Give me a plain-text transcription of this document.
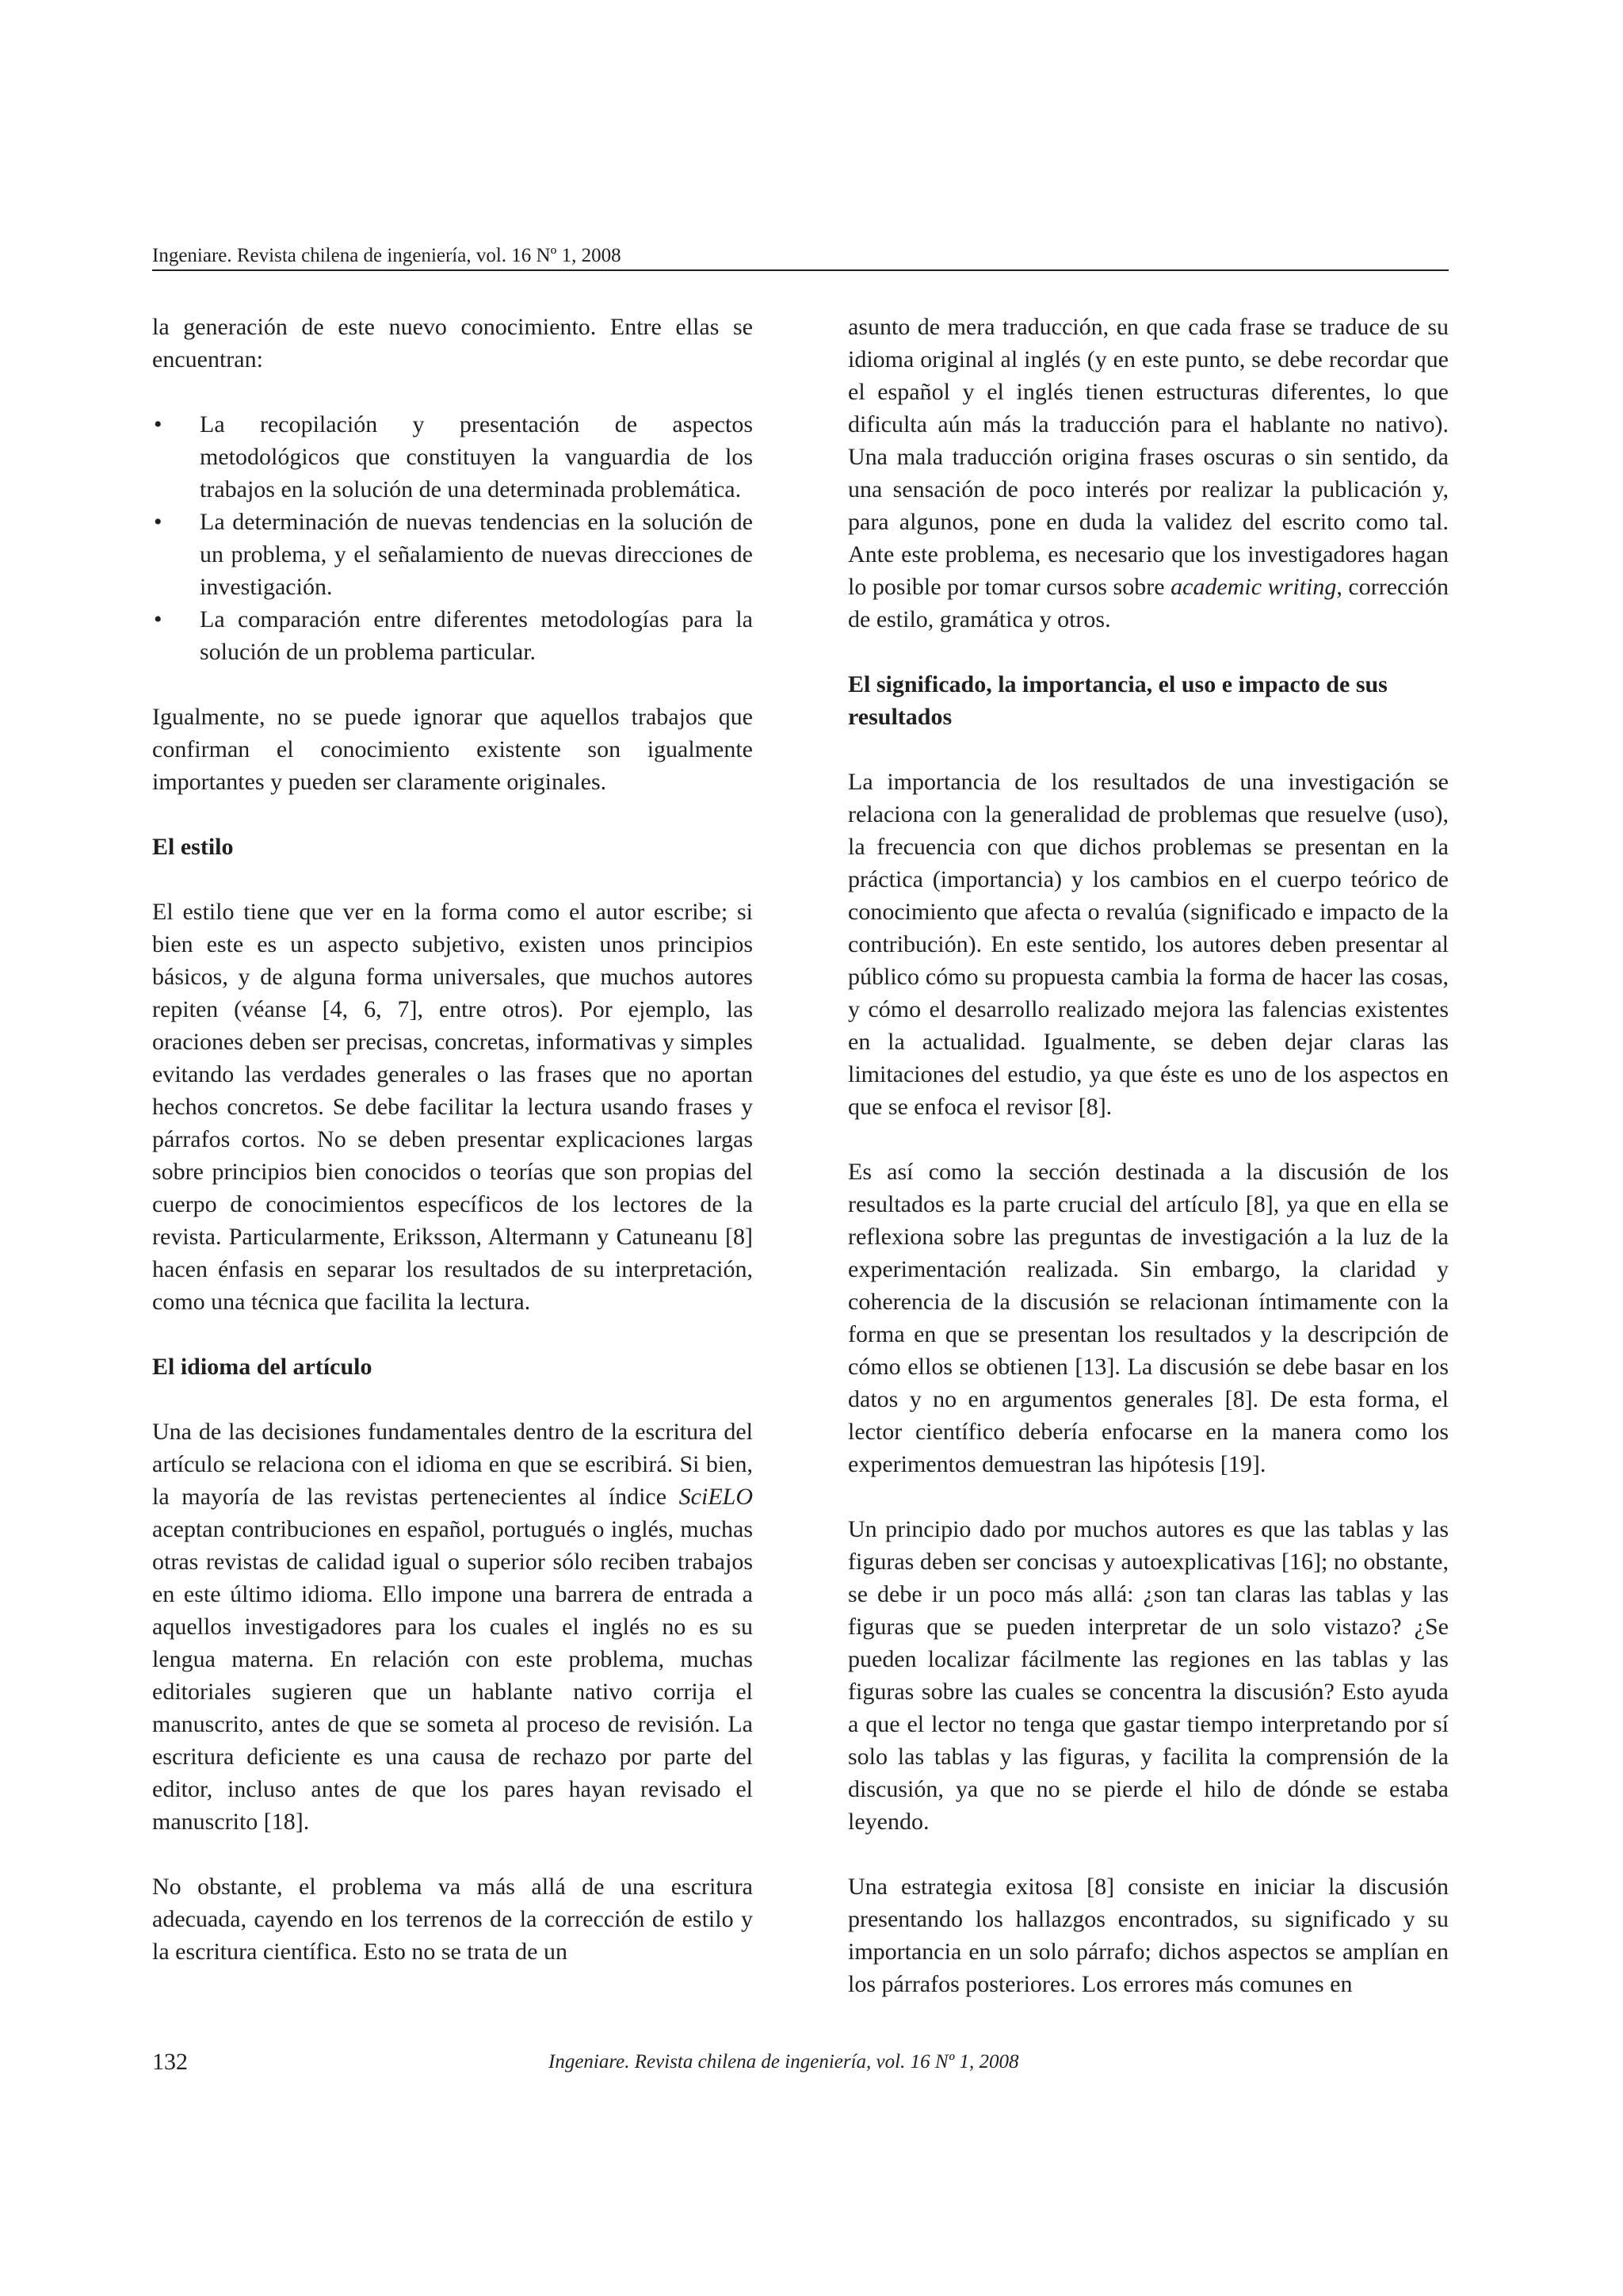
Ingeniare. Revista chilena de ingeniería, vol. 16 Nº 1, 2008

la generación de este nuevo conocimiento. Entre ellas se encuentran:

• La recopilación y presentación de aspectos metodológicos que constituyen la vanguardia de los trabajos en la solución de una determinada problemática.
• La determinación de nuevas tendencias en la solución de un problema, y el señalamiento de nuevas direcciones de investigación.
• La comparación entre diferentes metodologías para la solución de un problema particular.

Igualmente, no se puede ignorar que aquellos trabajos que confirman el conocimiento existente son igualmente importantes y pueden ser claramente originales.

El estilo

El estilo tiene que ver en la forma como el autor escribe; si bien este es un aspecto subjetivo, existen unos principios básicos, y de alguna forma universales, que muchos autores repiten (véanse [4, 6, 7], entre otros). Por ejemplo, las oraciones deben ser precisas, concretas, informativas y simples evitando las verdades generales o las frases que no aportan hechos concretos. Se debe facilitar la lectura usando frases y párrafos cortos. No se deben presentar explicaciones largas sobre principios bien conocidos o teorías que son propias del cuerpo de conocimientos específicos de los lectores de la revista. Particularmente, Eriksson, Altermann y Catuneanu [8] hacen énfasis en separar los resultados de su interpretación, como una técnica que facilita la lectura.

El idioma del artículo

Una de las decisiones fundamentales dentro de la escritura del artículo se relaciona con el idioma en que se escribirá. Si bien, la mayoría de las revistas pertenecientes al índice SciELO aceptan contribuciones en español, portugués o inglés, muchas otras revistas de calidad igual o superior sólo reciben trabajos en este último idioma. Ello impone una barrera de entrada a aquellos investigadores para los cuales el inglés no es su lengua materna. En relación con este problema, muchas editoriales sugieren que un hablante nativo corrija el manuscrito, antes de que se someta al proceso de revisión. La escritura deficiente es una causa de rechazo por parte del editor, incluso antes de que los pares hayan revisado el manuscrito [18].

No obstante, el problema va más allá de una escritura adecuada, cayendo en los terrenos de la corrección de estilo y la escritura científica. Esto no se trata de un

asunto de mera traducción, en que cada frase se traduce de su idioma original al inglés (y en este punto, se debe recordar que el español y el inglés tienen estructuras diferentes, lo que dificulta aún más la traducción para el hablante no nativo). Una mala traducción origina frases oscuras o sin sentido, da una sensación de poco interés por realizar la publicación y, para algunos, pone en duda la validez del escrito como tal. Ante este problema, es necesario que los investigadores hagan lo posible por tomar cursos sobre academic writing, corrección de estilo, gramática y otros.

El significado, la importancia, el uso e impacto de sus resultados

La importancia de los resultados de una investigación se relaciona con la generalidad de problemas que resuelve (uso), la frecuencia con que dichos problemas se presentan en la práctica (importancia) y los cambios en el cuerpo teórico de conocimiento que afecta o revalúa (significado e impacto de la contribución). En este sentido, los autores deben presentar al público cómo su propuesta cambia la forma de hacer las cosas, y cómo el desarrollo realizado mejora las falencias existentes en la actualidad. Igualmente, se deben dejar claras las limitaciones del estudio, ya que éste es uno de los aspectos en que se enfoca el revisor [8].

Es así como la sección destinada a la discusión de los resultados es la parte crucial del artículo [8], ya que en ella se reflexiona sobre las preguntas de investigación a la luz de la experimentación realizada. Sin embargo, la claridad y coherencia de la discusión se relacionan íntimamente con la forma en que se presentan los resultados y la descripción de cómo ellos se obtienen [13]. La discusión se debe basar en los datos y no en argumentos generales [8]. De esta forma, el lector científico debería enfocarse en la manera como los experimentos demuestran las hipótesis [19].

Un principio dado por muchos autores es que las tablas y las figuras deben ser concisas y autoexplicativas [16]; no obstante, se debe ir un poco más allá: ¿son tan claras las tablas y las figuras que se pueden interpretar de un solo vistazo? ¿Se pueden localizar fácilmente las regiones en las tablas y las figuras sobre las cuales se concentra la discusión? Esto ayuda a que el lector no tenga que gastar tiempo interpretando por sí solo las tablas y las figuras, y facilita la comprensión de la discusión, ya que no se pierde el hilo de dónde se estaba leyendo.

Una estrategia exitosa [8] consiste en iniciar la discusión presentando los hallazgos encontrados, su significado y su importancia en un solo párrafo; dichos aspectos se amplían en los párrafos posteriores. Los errores más comunes en

132	Ingeniare. Revista chilena de ingeniería, vol. 16 Nº 1, 2008
